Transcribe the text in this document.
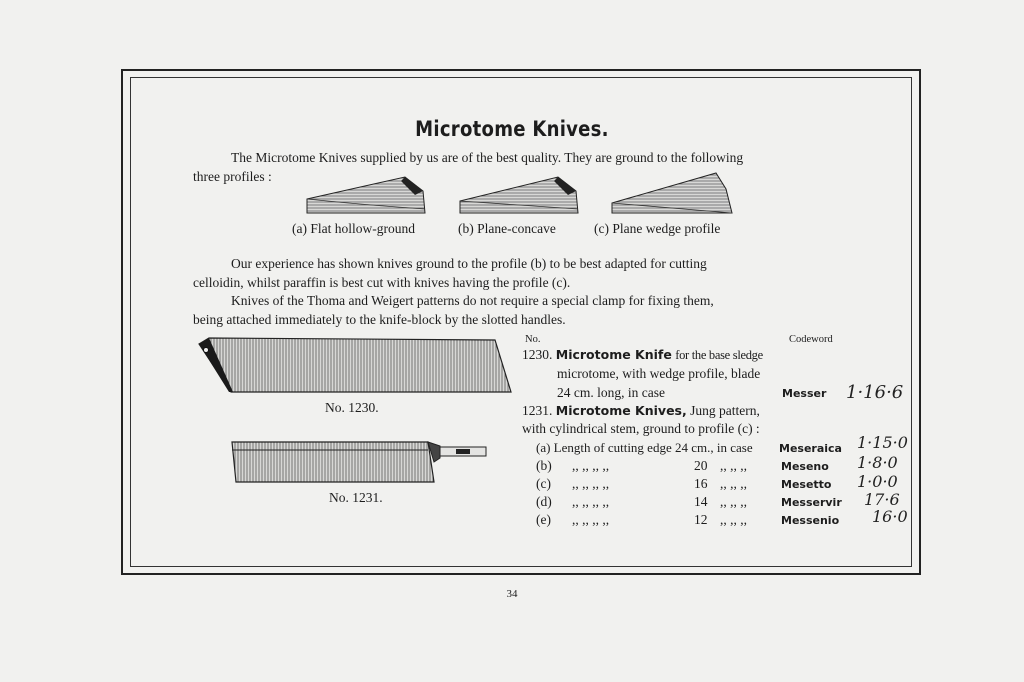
Microtome Knives.
The Microtome Knives supplied by us are of the best quality. They are ground to the following
three profiles :
(a) Flat hollow-ground	(b) Plane-concave	(c) Plane wedge profile
Our experience has shown knives ground to the profile (b) to be best adapted for cutting
celloidin, whilst paraffin is best cut with knives having the profile (c).
Knives of the Thoma and Weigert patterns do not require a special clamp for fixing them,
being attached immediately to the knife-block by the slotted handles.
No. 1230.
No. 1231.
No.	Codeword
1230. Microtome Knife for the base sledge
microtome, with wedge profile, blade
24 cm. long, in case	Messer 1·16·6
1231. Microtome Knives, Jung pattern,
with cylindrical stem, ground to profile (c) :
(a) Length of cutting edge 24 cm., in case Meseraica 1·15·0
(b) ,, ,, ,, ,,	20 ,, ,, ,,	Meseno 1·8·0
(c) ,, ,, ,, ,,	16 ,, ,, ,,	Mesetto 1·0·0
(d) ,, ,, ,, ,,	14 ,, ,, ,,	Messervir 17·6
(e) ,, ,, ,, ,,	12 ,, ,, ,,	Messenio 16·0
34
